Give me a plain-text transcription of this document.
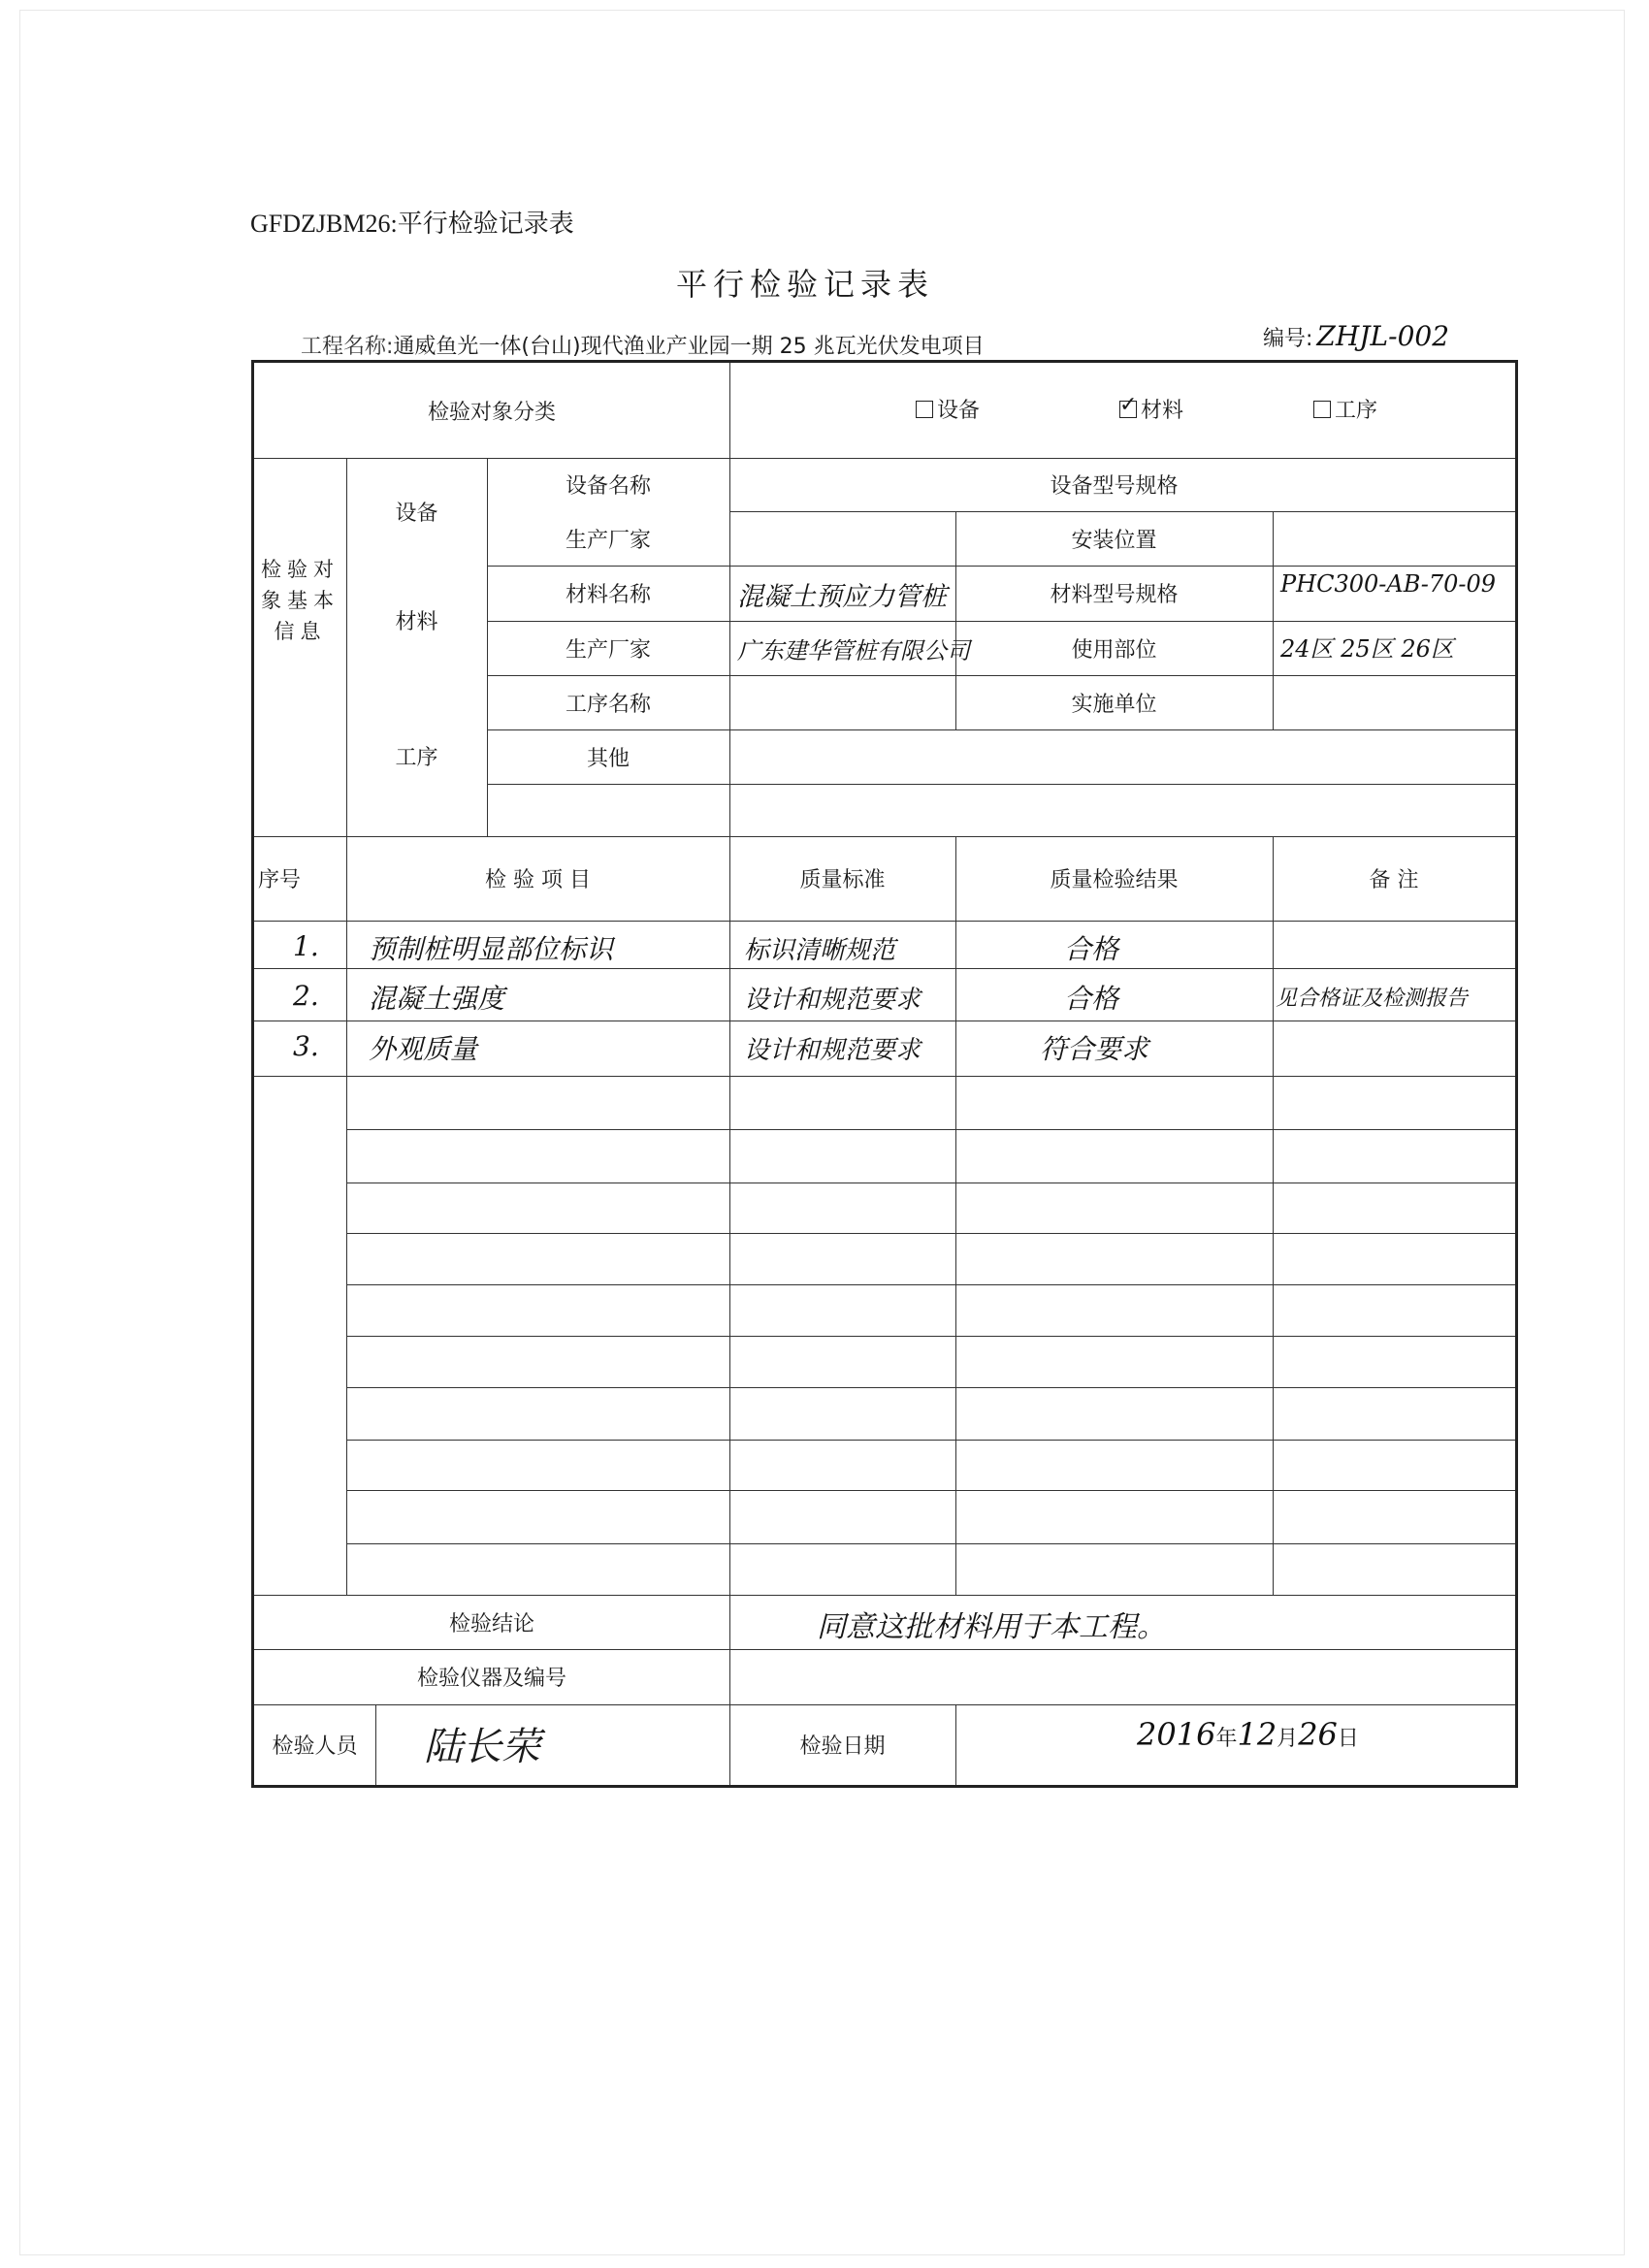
GFDZJBM26:平行检验记录表
平行检验记录表
工程名称:通威鱼光一体(台山)现代渔业产业园一期 25 兆瓦光伏发电项目	编号: ZHJL-002
检验对象分类	设备
✓	材料	工序
检验对象基本信息
设备
设备名称	设备型号规格
生产厂家	安装位置
材料
材料名称	混凝土预应力管桩	材料型号规格	PHC300-AB-70-09
生产厂家	广东建华管桩有限公司	使用部位	24区 25区 26区
工序
工序名称	实施单位
其他
序号	检 验 项 目	质量标准	质量检验结果	备 注
1. 预制桩明显部位标识	标识清晰规范	合格
2. 混凝土强度	设计和规范要求	合格	见合格证及检测报告
3. 外观质量	设计和规范要求	符合要求
检验结论	同意这批材料用于本工程。
检验仪器及编号
检验人员	陆长荣	检验日期	2016年12月26日
